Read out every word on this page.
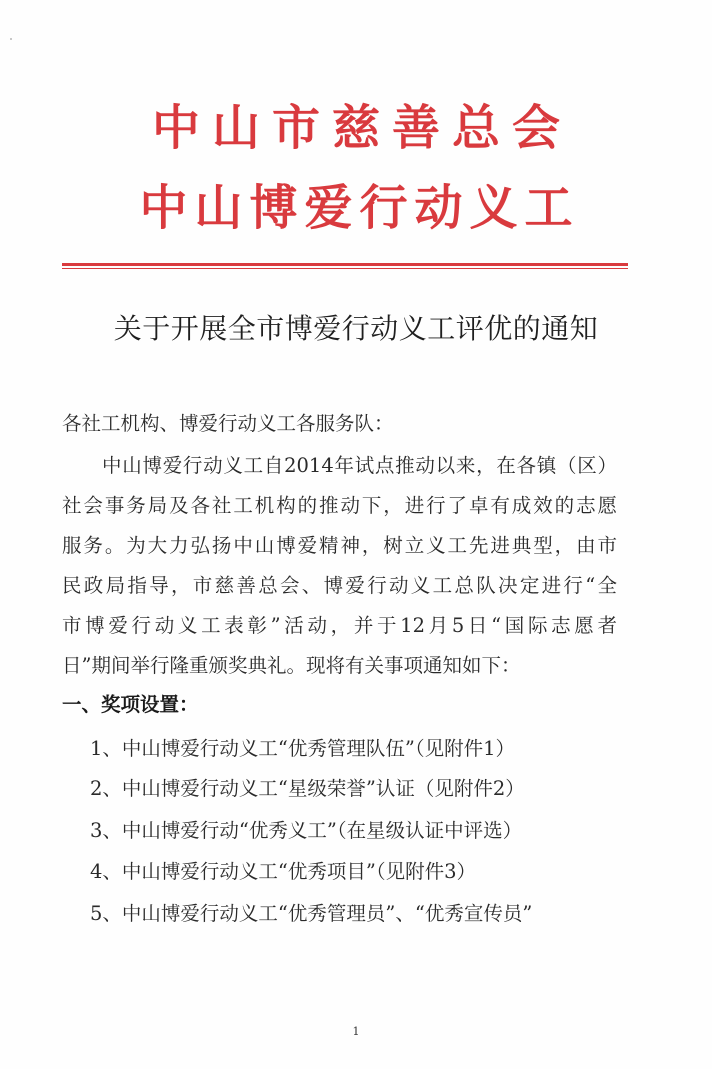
中山市慈善总会
中山博爱行动义工
关于开展全市博爱行动义工评优的通知
各社工机构、博爱行动义工各服务队：
中山博爱行动义工自2014年试点推动以来，在各镇（区）
社会事务局及各社工机构的推动下，进行了卓有成效的志愿
服务。为大力弘扬中山博爱精神，树立义工先进典型，由市
民政局指导，市慈善总会、博爱行动义工总队决定进行“全
市博爱行动义工表彰”活动，并于12月5日“国际志愿者
日”期间举行隆重颁奖典礼。现将有关事项通知如下：
一、奖项设置：
1、中山博爱行动义工“优秀管理队伍”（见附件1）
2、中山博爱行动义工“星级荣誉”认证（见附件2）
3、中山博爱行动“优秀义工”（在星级认证中评选）
4、中山博爱行动义工“优秀项目”（见附件3）
5、中山博爱行动义工“优秀管理员”、“优秀宣传员”
1
